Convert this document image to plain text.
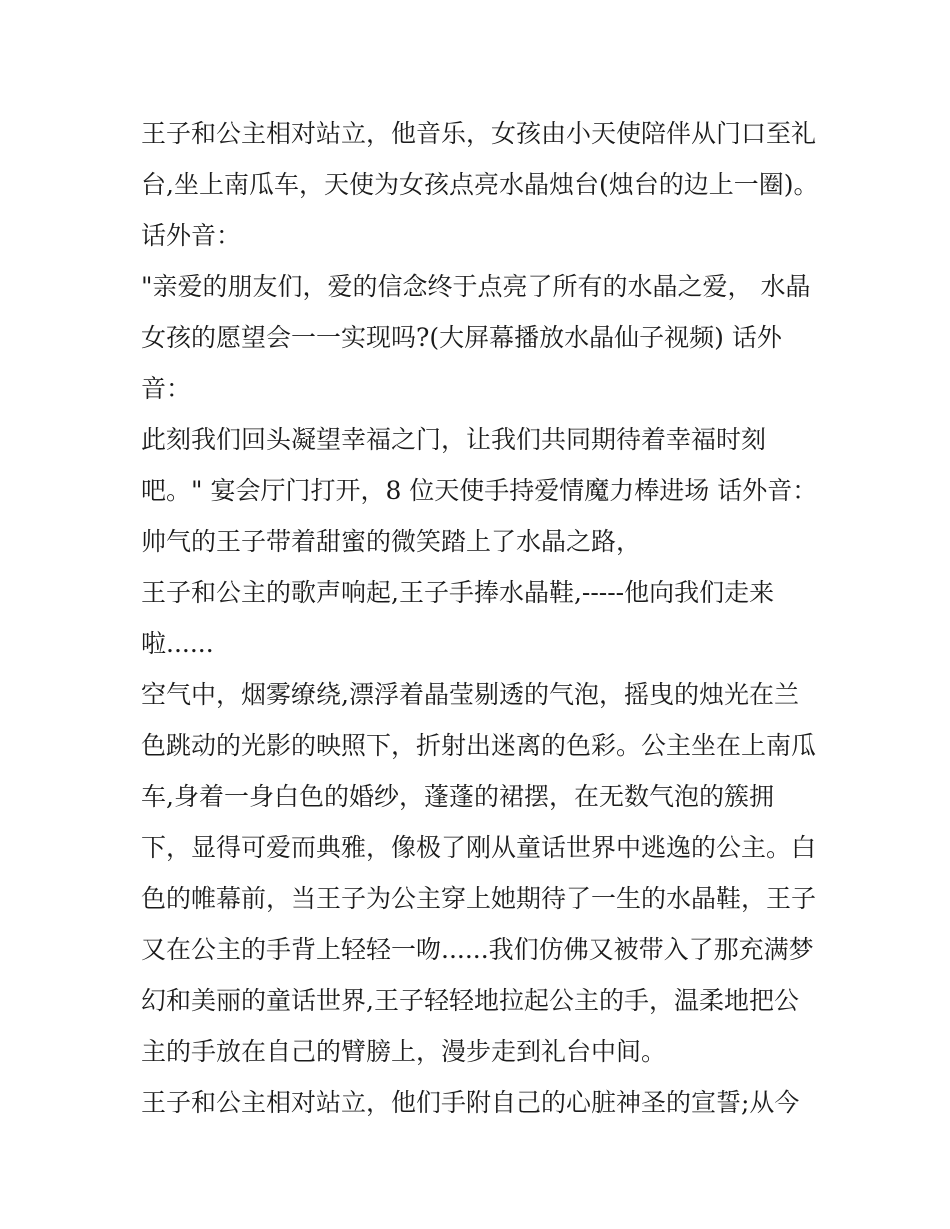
王子和公主相对站立，他音乐，女孩由小天使陪伴从门口至礼
台,坐上南瓜车，天使为女孩点亮水晶烛台(烛台的边上一圈)。
话外音：
"亲爱的朋友们，爱的信念终于点亮了所有的水晶之爱， 水晶
女孩的愿望会一一实现吗?(大屏幕播放水晶仙子视频) 话外
音：
此刻我们回头凝望幸福之门，让我们共同期待着幸福时刻
吧。" 宴会厅门打开，8 位天使手持爱情魔力棒进场 话外音：
帅气的王子带着甜蜜的微笑踏上了水晶之路，
王子和公主的歌声响起,王子手捧水晶鞋,-----他向我们走来
啦......
空气中，烟雾缭绕,漂浮着晶莹剔透的气泡，摇曳的烛光在兰
色跳动的光影的映照下，折射出迷离的色彩。公主坐在上南瓜
车,身着一身白色的婚纱，蓬蓬的裙摆，在无数气泡的簇拥
下，显得可爱而典雅，像极了刚从童话世界中逃逸的公主。白
色的帷幕前，当王子为公主穿上她期待了一生的水晶鞋，王子
又在公主的手背上轻轻一吻......我们仿佛又被带入了那充满梦
幻和美丽的童话世界,王子轻轻地拉起公主的手，温柔地把公
主的手放在自己的臂膀上，漫步走到礼台中间。
王子和公主相对站立，他们手附自己的心脏神圣的宣誓;从今
